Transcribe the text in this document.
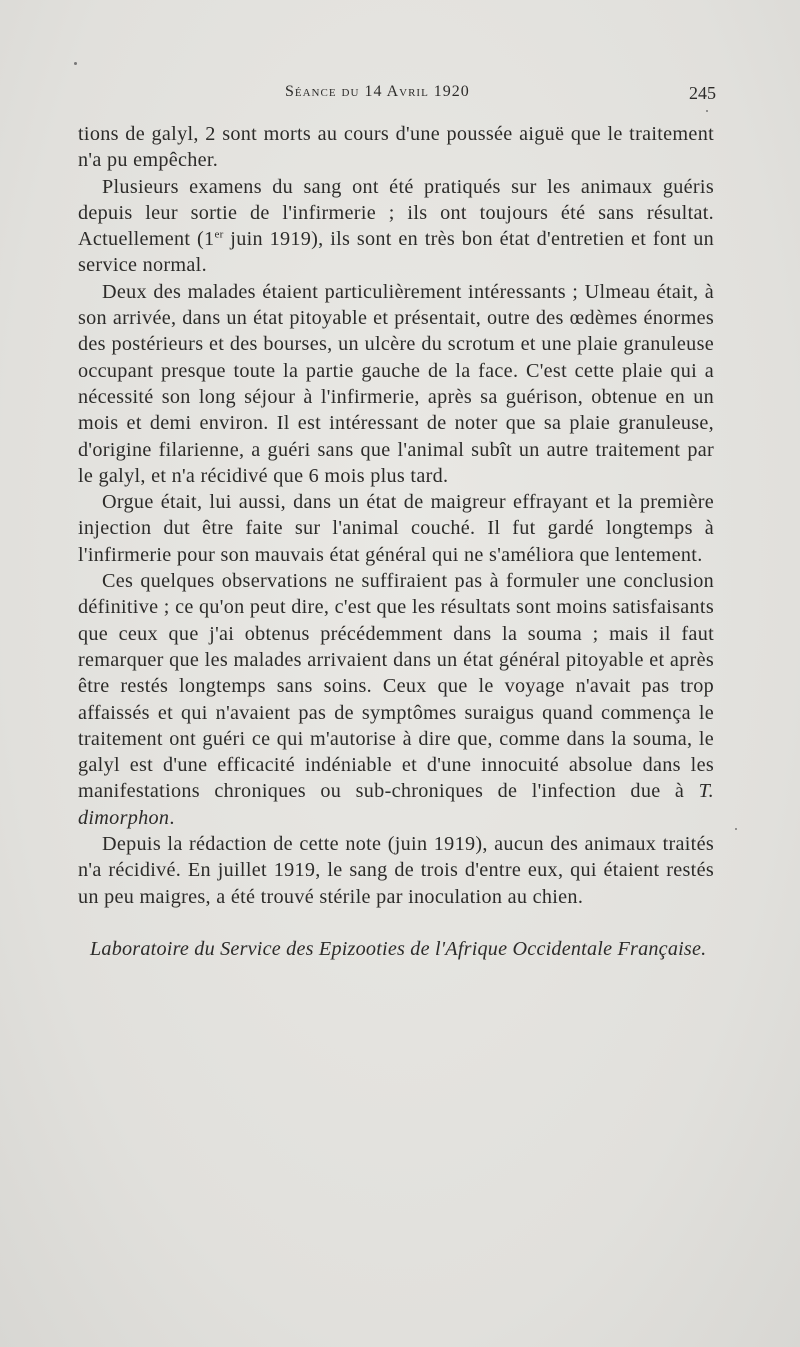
Séance du 14 Avril 1920	245

tions de galyl, 2 sont morts au cours d'une poussée aiguë que le traitement n'a pu empêcher.

Plusieurs examens du sang ont été pratiqués sur les animaux guéris depuis leur sortie de l'infirmerie ; ils ont toujours été sans résultat. Actuellement (1er juin 1919), ils sont en très bon état d'entretien et font un service normal.

Deux des malades étaient particulièrement intéressants ; Ulmeau était, à son arrivée, dans un état pitoyable et présentait, outre des œdèmes énormes des postérieurs et des bourses, un ulcère du scrotum et une plaie granuleuse occupant presque toute la partie gauche de la face. C'est cette plaie qui a nécessité son long séjour à l'infirmerie, après sa guérison, obtenue en un mois et demi environ. Il est intéressant de noter que sa plaie granuleuse, d'origine filarienne, a guéri sans que l'animal subît un autre traitement par le galyl, et n'a récidivé que 6 mois plus tard.

Orgue était, lui aussi, dans un état de maigreur effrayant et la première injection dut être faite sur l'animal couché. Il fut gardé longtemps à l'infirmerie pour son mauvais état général qui ne s'améliora que lentement.

Ces quelques observations ne suffiraient pas à formuler une conclusion définitive ; ce qu'on peut dire, c'est que les résultats sont moins satisfaisants que ceux que j'ai obtenus précédemment dans la souma ; mais il faut remarquer que les malades arrivaient dans un état général pitoyable et après être restés longtemps sans soins. Ceux que le voyage n'avait pas trop affaissés et qui n'avaient pas de symptômes suraigus quand commença le traitement ont guéri ce qui m'autorise à dire que, comme dans la souma, le galyl est d'une efficacité indéniable et d'une innocuité absolue dans les manifestations chroniques ou sub-chroniques de l'infection due à T. dimorphon.

Depuis la rédaction de cette note (juin 1919), aucun des animaux traités n'a récidivé. En juillet 1919, le sang de trois d'entre eux, qui étaient restés un peu maigres, a été trouvé stérile par inoculation au chien.

Laboratoire du Service des Epizooties de l'Afrique Occidentale Française.
